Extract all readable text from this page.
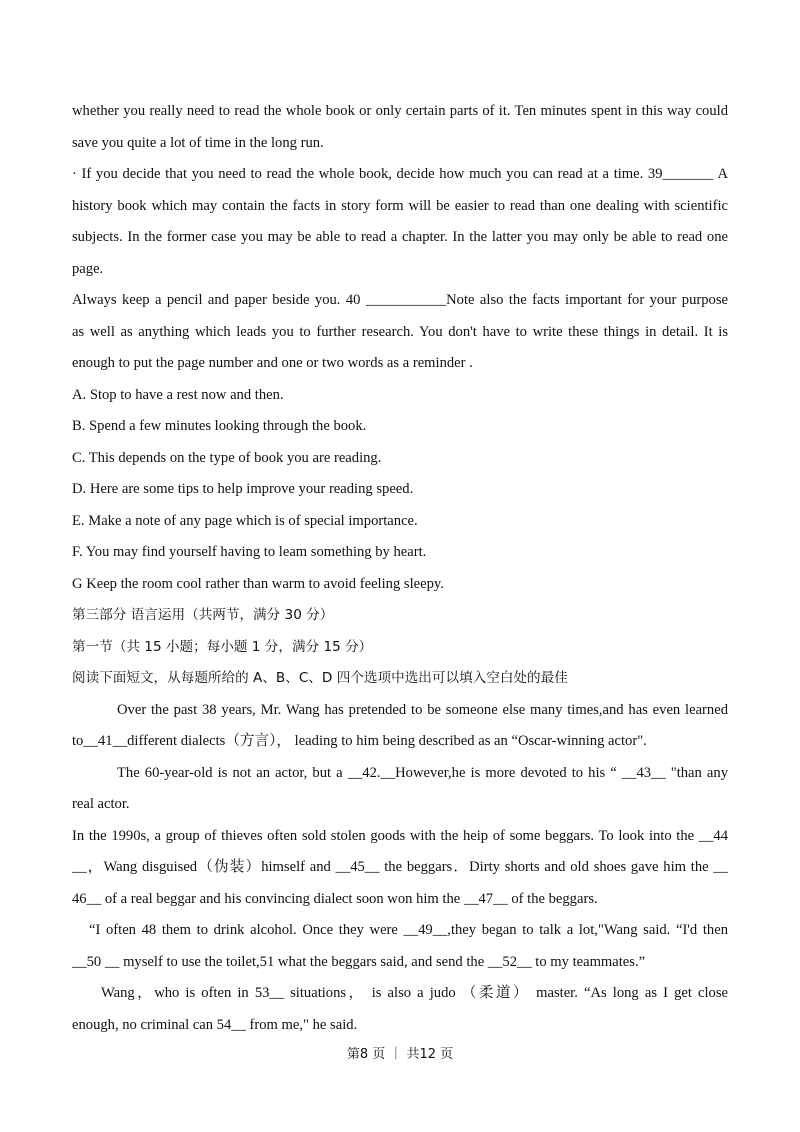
whether you really need to read the whole book or only certain parts of it. Ten minutes spent in this way could
save you quite a lot of time in the long run.
· If you decide that you need to read the whole book, decide how much you can read at a time. 39_______ A
history book which may contain the facts in story form will be easier to read than one dealing with scientific
subjects. In the former case you may be able to read a chapter. In the latter you may only be able to read one
page.
Always keep a pencil and paper beside you. 40 ___________Note also the facts important for your purpose
as well as anything which leads you to further research. You don't have to write these things in detail. It is
enough to put the page number and one or two words as a reminder .
A. Stop to have a rest now and then.
B. Spend a few minutes looking through the book.
C. This depends on the type of book you are reading.
D. Here are some tips to help improve your reading speed.
E. Make a note of any page which is of special importance.
F. You may find yourself having to leam something by heart.
G Keep the room cool rather than warm to avoid feeling sleepy.
第三部分 语言运用（共两节，满分 30 分）
第一节（共 15 小题；每小题 1 分，满分 15 分）
阅读下面短文，从每题所给的 A、B、C、D 四个选项中选出可以填入空白处的最佳
Over the past 38 years, Mr. Wang has pretended to be someone else many times,and has even learned
to__41__different dialects（方言）， leading to him being described as an “Oscar-winning actor".
The 60-year-old is not an actor, but a __42.__However,he is more devoted to his “ __43__ "than any
real actor.
In the 1990s, a group of thieves often sold stolen goods with the heip of some beggars. To look into the __44
__，Wang disguised（伪装）himself and __45__ the beggars．Dirty shorts and old shoes gave him the __
46__ of a real beggar and his convincing dialect soon won him the __47__ of the beggars.
“I often 48 them to drink alcohol. Once they were __49__,they began to talk a lot,"Wang said. “I'd then
__50 __ myself to use the toilet,51 what the beggars said, and send the __52__ to my teammates.”
Wang，who is often in 53__ situations， is also a judo （柔道） master. “As long as I get close
enough, no criminal can 54__ from me," he said.
第8 页 ｜ 共12 页
